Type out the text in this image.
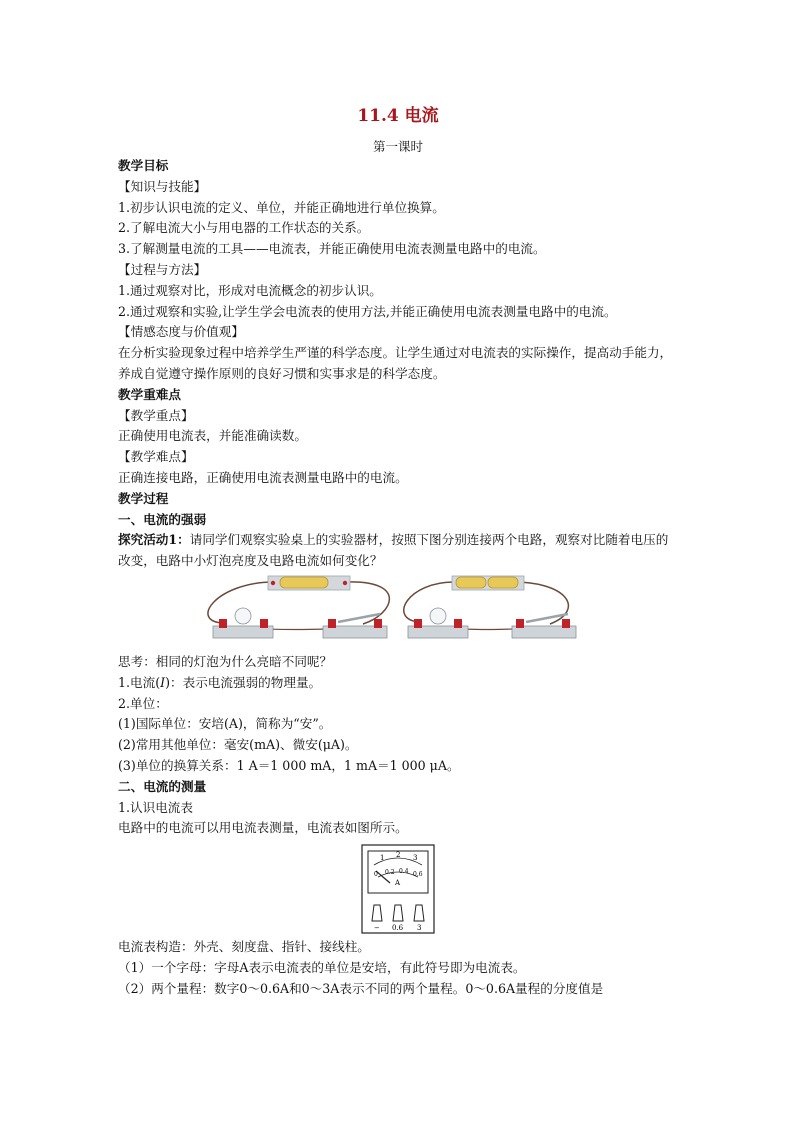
11.4 电流
第一课时
教学目标
【知识与技能】
1.初步认识电流的定义、单位，并能正确地进行单位换算。
2.了解电流大小与用电器的工作状态的关系。
3.了解测量电流的工具——电流表，并能正确使用电流表测量电路中的电流。
【过程与方法】
1.通过观察对比，形成对电流概念的初步认识。
2.通过观察和实验,让学生学会电流表的使用方法,并能正确使用电流表测量电路中的电流。
【情感态度与价值观】
在分析实验现象过程中培养学生严谨的科学态度。让学生通过对电流表的实际操作，提高动手能力，养成自觉遵守操作原则的良好习惯和实事求是的科学态度。
教学重难点
【教学重点】
正确使用电流表，并能准确读数。
【教学难点】
正确连接电路，正确使用电流表测量电路中的电流。
教学过程
一、电流的强弱
探究活动1：请同学们观察实验桌上的实验器材，按照下图分别连接两个电路，观察对比随着电压的改变，电路中小灯泡亮度及电路电流如何变化？
思考：相同的灯泡为什么亮暗不同呢？
1.电流(I)：表示电流强弱的物理量。
2.单位：
(1)国际单位：安培(A)，简称为“安”。
(2)常用其他单位：毫安(mA)、微安(μA)。
(3)单位的换算关系：1 A＝1 000 mA，1 mA＝1 000 μA。
二、电流的测量
1.认识电流表
电路中的电流可以用电流表测量，电流表如图所示。
1 2 3
0 0.2 0.4 0.6
A
− 0.6 3
电流表构造：外壳、刻度盘、指针、接线柱。
（1）一个字母：字母A表示电流表的单位是安培，有此符号即为电流表。
（2）两个量程：数字0～0.6A和0～3A表示不同的两个量程。0～0.6A量程的分度值是
